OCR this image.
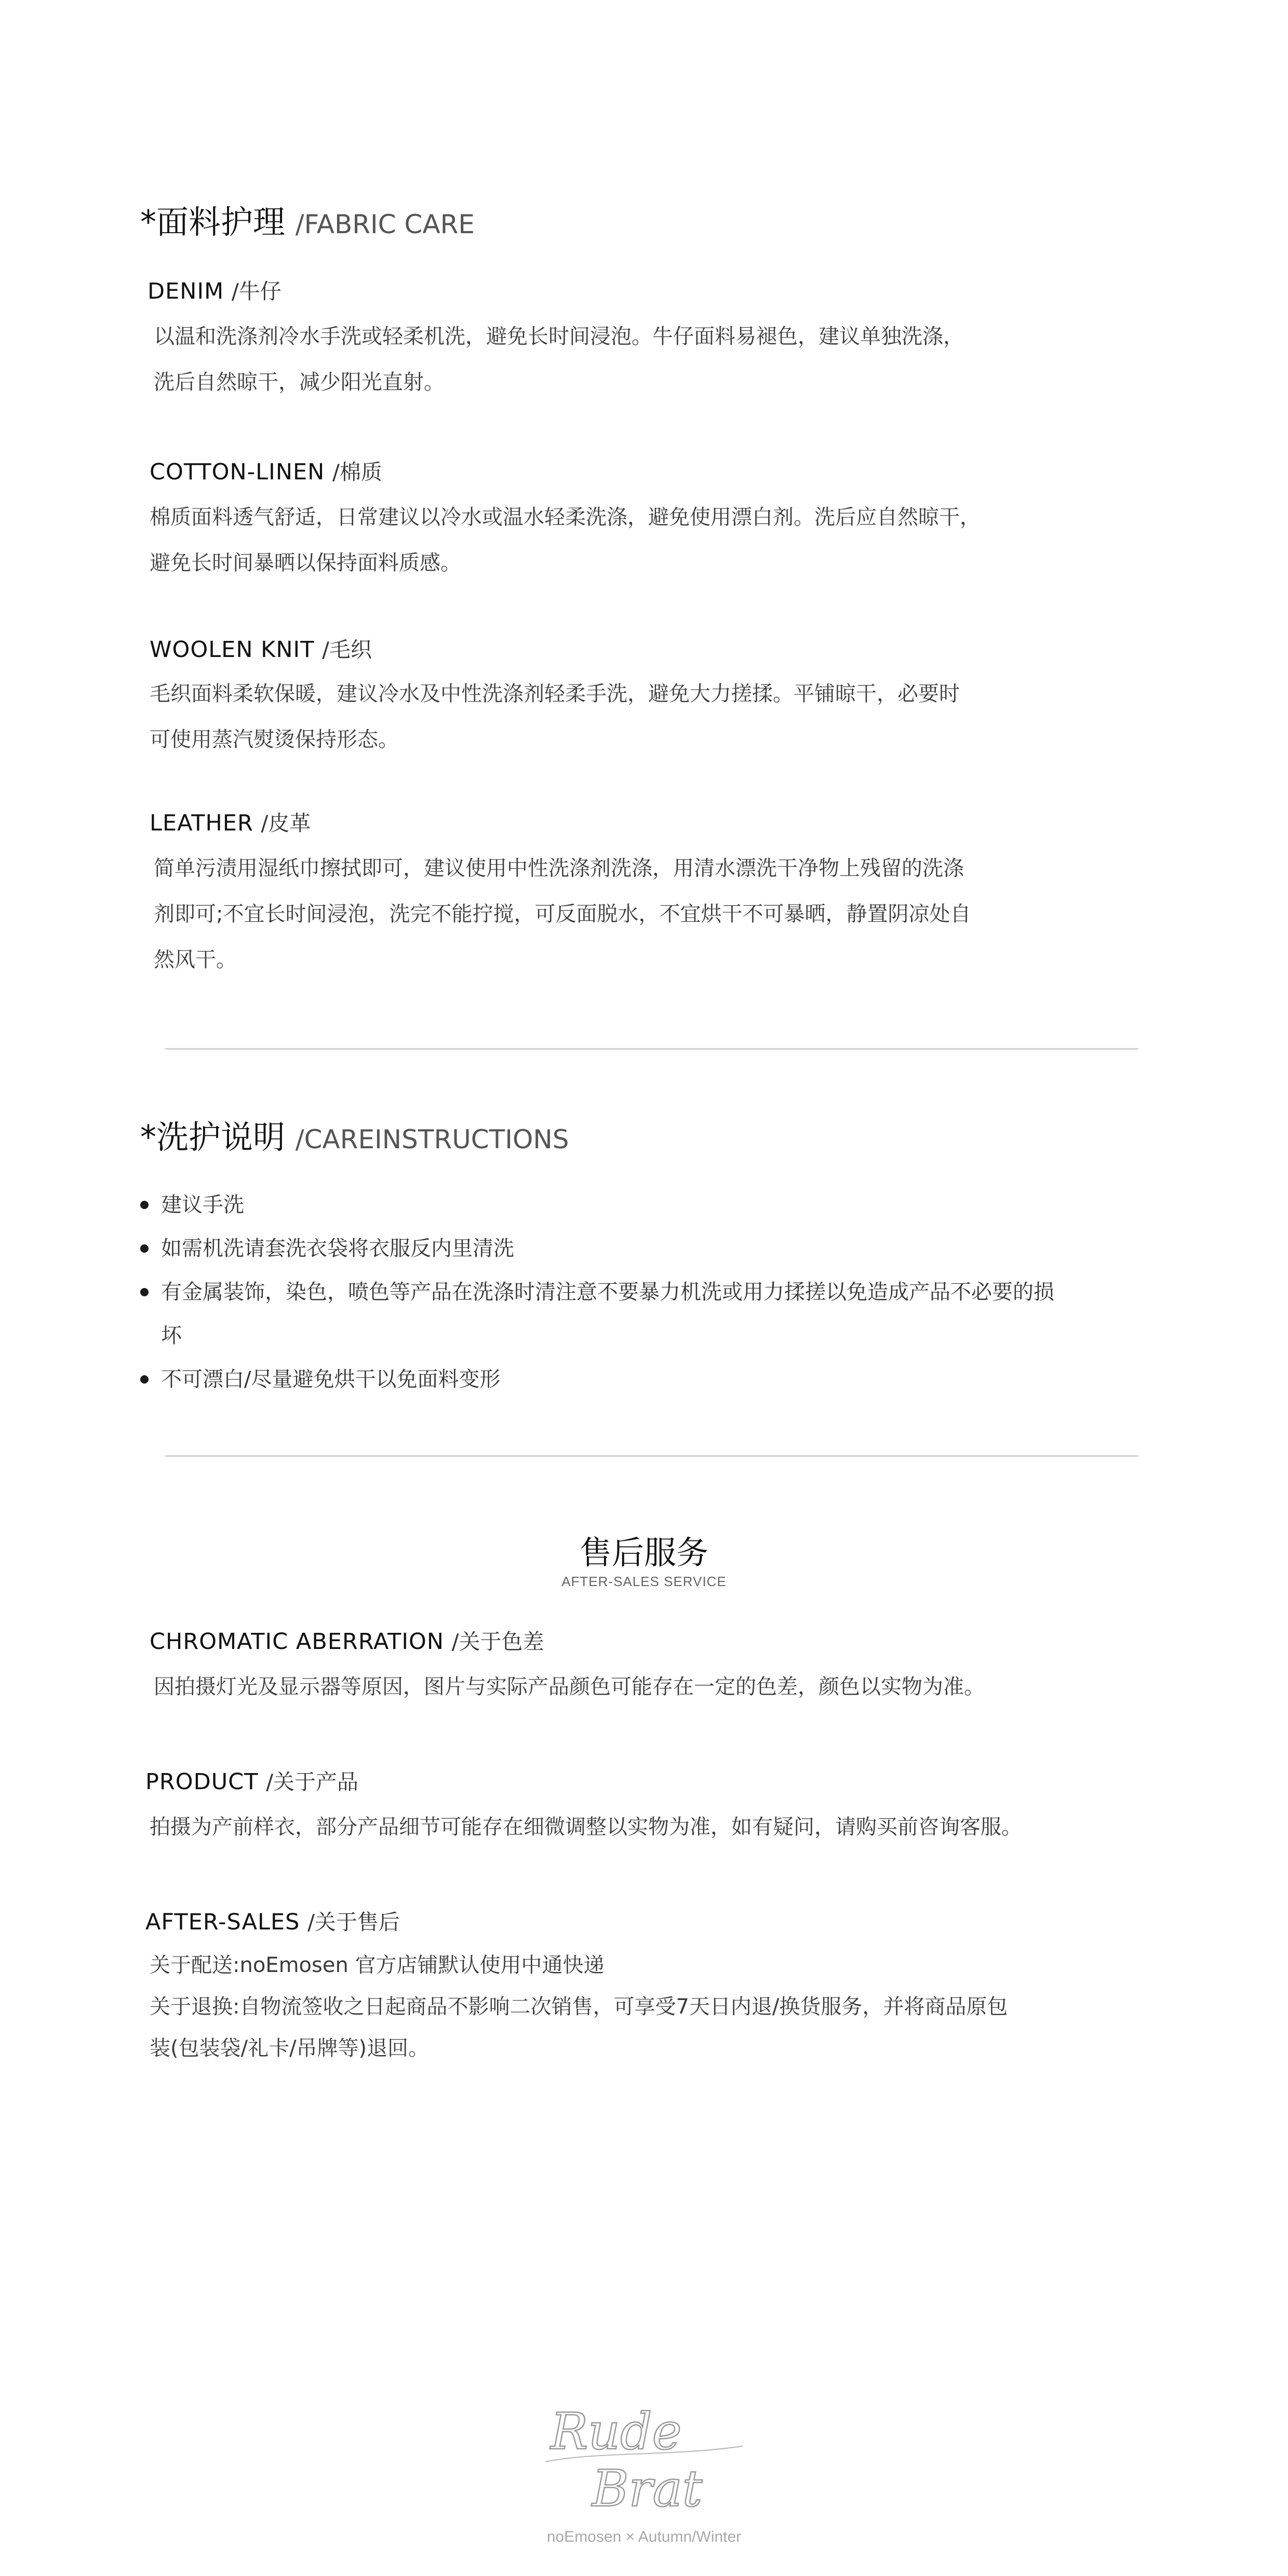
*面料护理 /FABRIC CARE
DENIM /牛仔
以温和洗涤剂冷水手洗或轻柔机洗，避免长时间浸泡。牛仔面料易褪色，建议单独洗涤，
洗后自然晾干，减少阳光直射。
COTTON-LINEN /棉质
棉质面料透气舒适，日常建议以冷水或温水轻柔洗涤，避免使用漂白剂。洗后应自然晾干，
避免长时间暴晒以保持面料质感。
WOOLEN KNIT /毛织
毛织面料柔软保暖，建议冷水及中性洗涤剂轻柔手洗，避免大力搓揉。平铺晾干，必要时
可使用蒸汽熨烫保持形态。
LEATHER /皮革
简单污渍用湿纸巾擦拭即可，建议使用中性洗涤剂洗涤，用清水漂洗干净物上残留的洗涤
剂即可;不宜长时间浸泡，洗完不能拧搅，可反面脱水，不宜烘干不可暴晒，静置阴凉处自
然风干。
*洗护说明 /CAREINSTRUCTIONS
建议手洗
如需机洗请套洗衣袋将衣服反内里清洗
有金属装饰，染色，喷色等产品在洗涤时清注意不要暴力机洗或用力揉搓以免造成产品不必要的损坏
不可漂白/尽量避免烘干以免面料变形
售后服务
AFTER-SALES SERVICE
CHROMATIC ABERRATION /关于色差
因拍摄灯光及显示器等原因，图片与实际产品颜色可能存在一定的色差，颜色以实物为准。
PRODUCT /关于产品
拍摄为产前样衣，部分产品细节可能存在细微调整以实物为准，如有疑问，请购买前咨询客服。
AFTER-SALES /关于售后
关于配送:noEmosen 官方店铺默认使用中通快递
关于退换:自物流签收之日起商品不影响二次销售，可享受7天日内退/换货服务，并将商品原包
装(包装袋/礼卡/吊牌等)退回。
Rude
Brat
noEmosen × Autumn/Winter
